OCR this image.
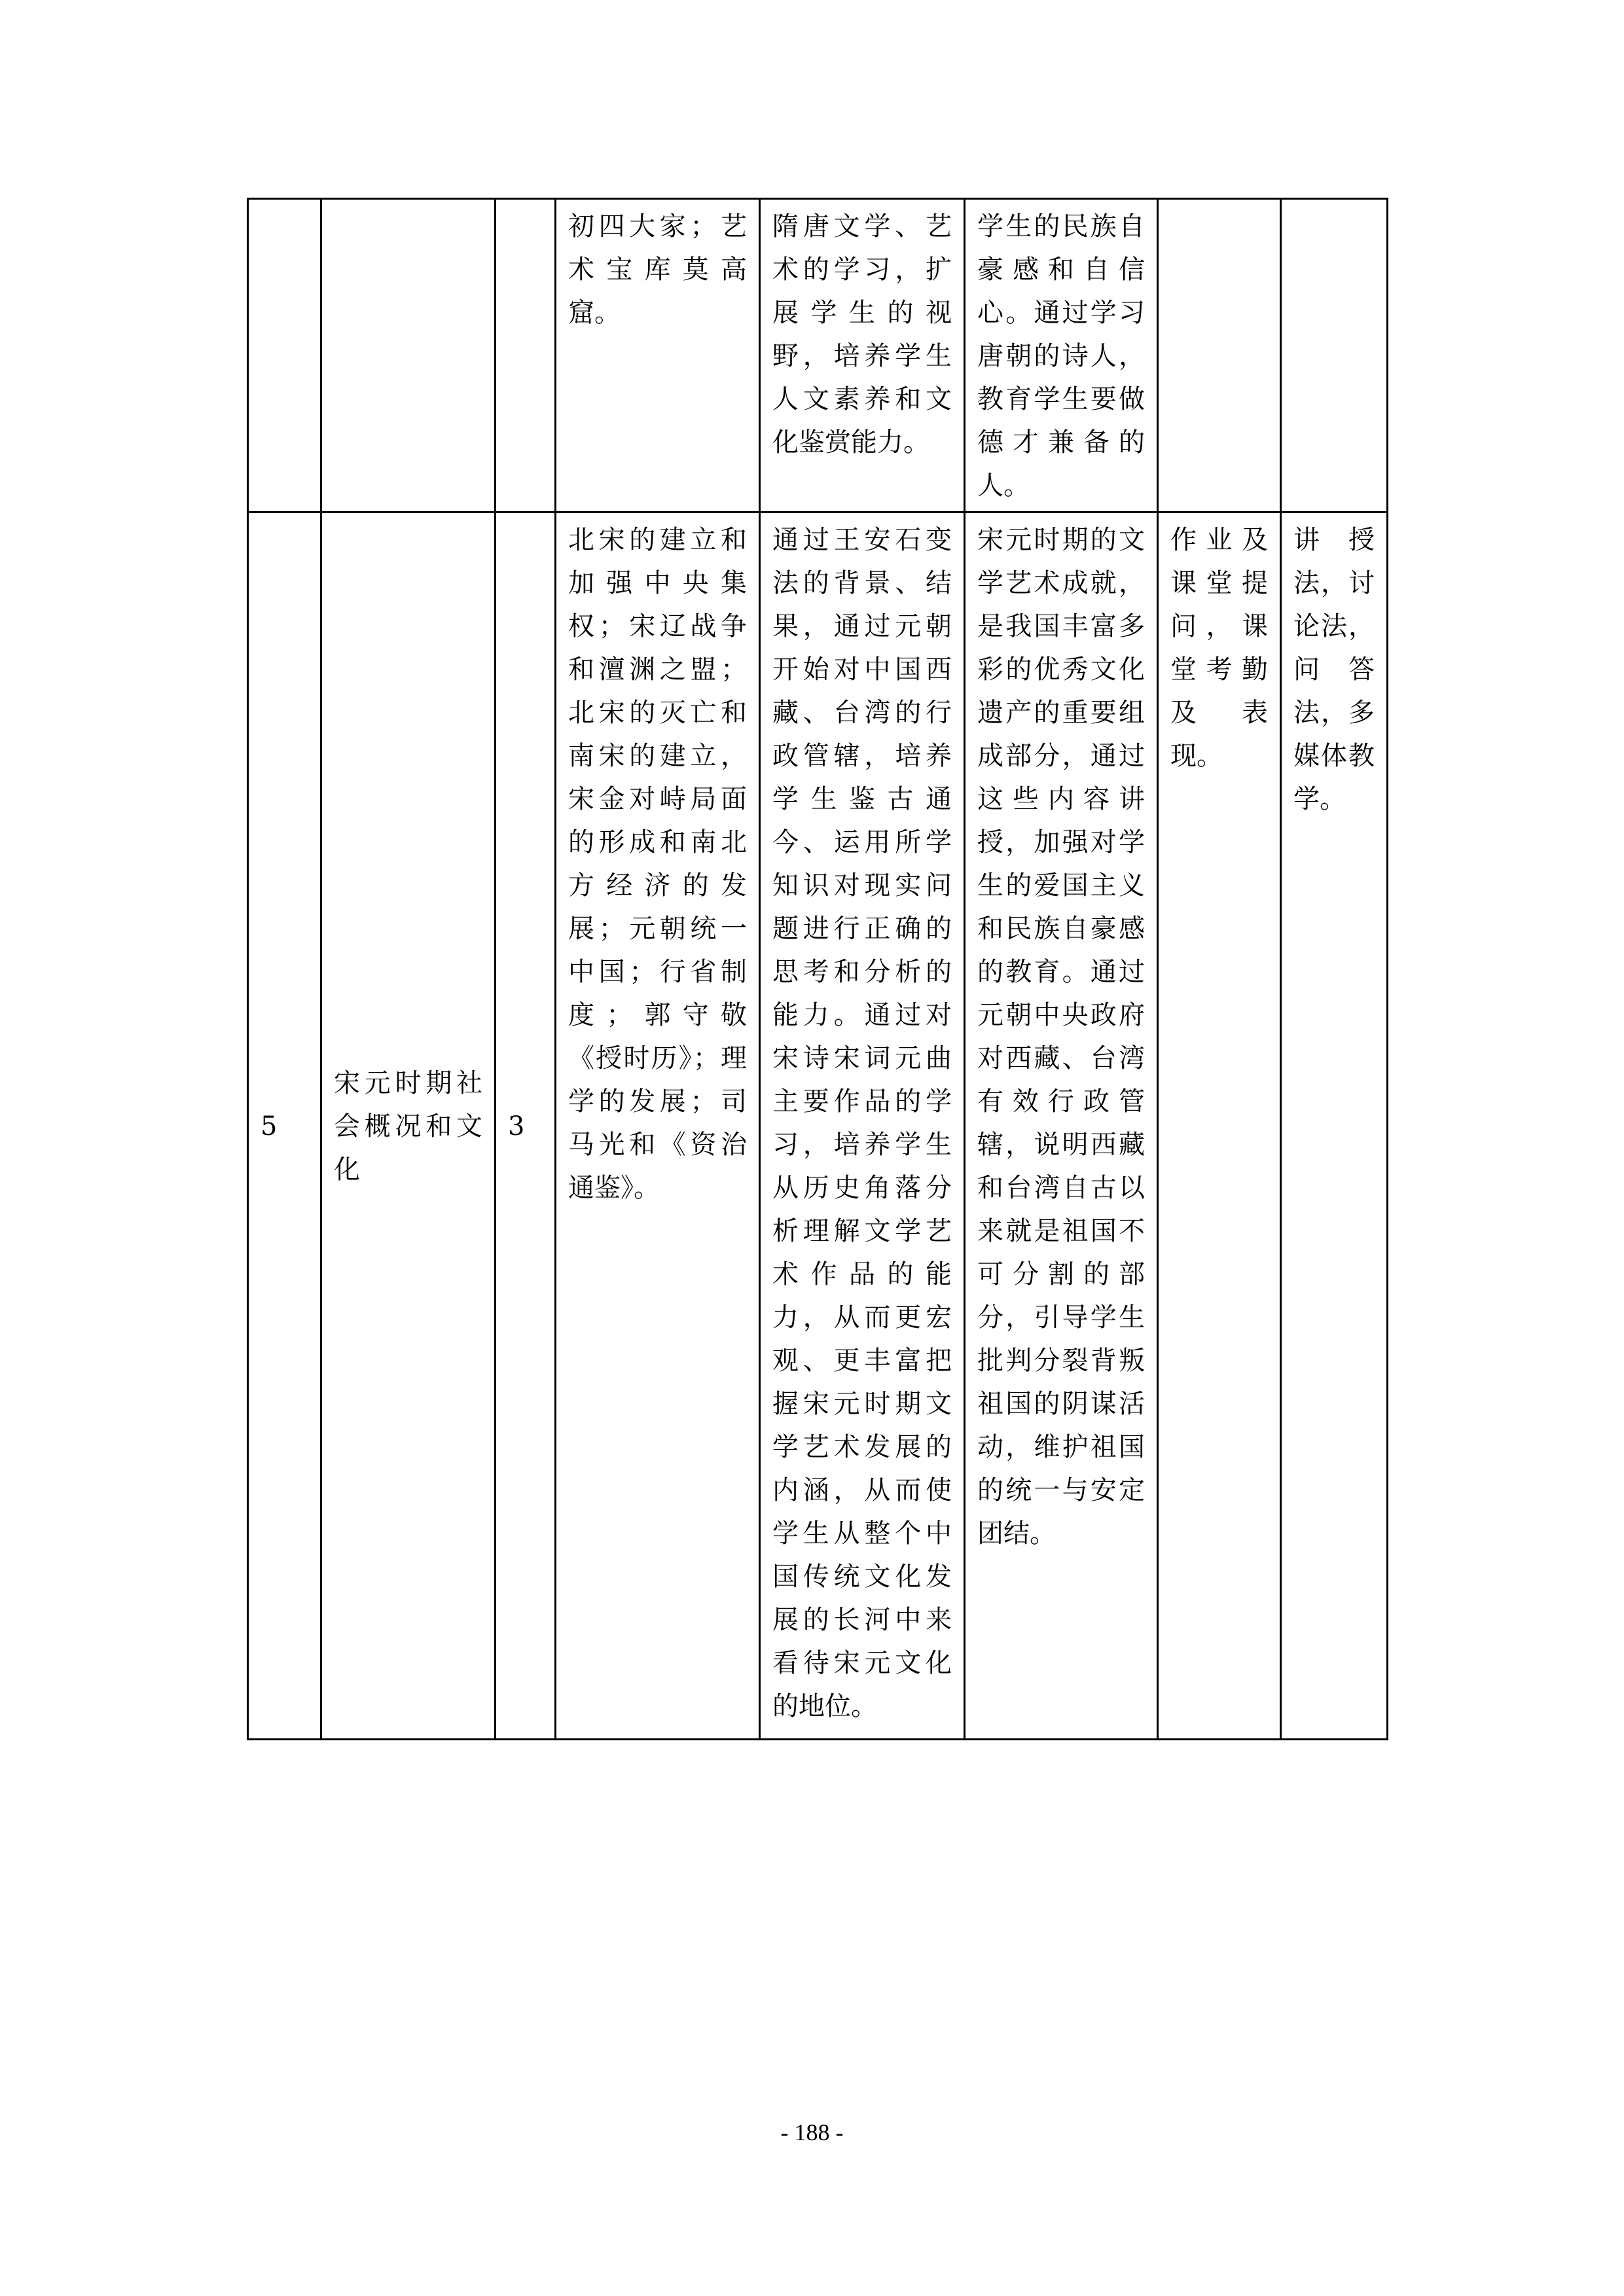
			初四大家；艺术宝库莫高窟。	隋唐文学、艺术的学习，扩展学生的视野，培养学生人文素养和文化鉴赏能力。	学生的民族自豪感和自信心。通过学习唐朝的诗人，教育学生要做德才兼备的人。		

5	宋元时期社会概况和文化	3	北宋的建立和加强中央集权；宋辽战争和澶渊之盟；北宋的灭亡和南宋的建立，宋金对峙局面的形成和南北方经济的发展；元朝统一中国；行省制度；郭守敬《授时历》；理学的发展；司马光和《资治通鉴》。	通过王安石变法的背景、结果，通过元朝开始对中国西藏、台湾的行政管辖，培养学生鉴古通今、运用所学知识对现实问题进行正确的思考和分析的能力。通过对宋诗宋词元曲主要作品的学习，培养学生从历史角落分析理解文学艺术作品的能力，从而更宏观、更丰富把握宋元时期文学艺术发展的内涵，从而使学生从整个中国传统文化发展的长河中来看待宋元文化的地位。	宋元时期的文学艺术成就，是我国丰富多彩的优秀文化遗产的重要组成部分，通过这些内容讲授，加强对学生的爱国主义和民族自豪感的教育。通过元朝中央政府对西藏、台湾有效行政管辖，说明西藏和台湾自古以来就是祖国不可分割的部分，引导学生批判分裂背叛祖国的阴谋活动，维护祖国的统一与安定团结。	作业及课堂提问，课堂考勤及表现。	讲授法，讨论法，问答法，多媒体教学。
- 188 -
